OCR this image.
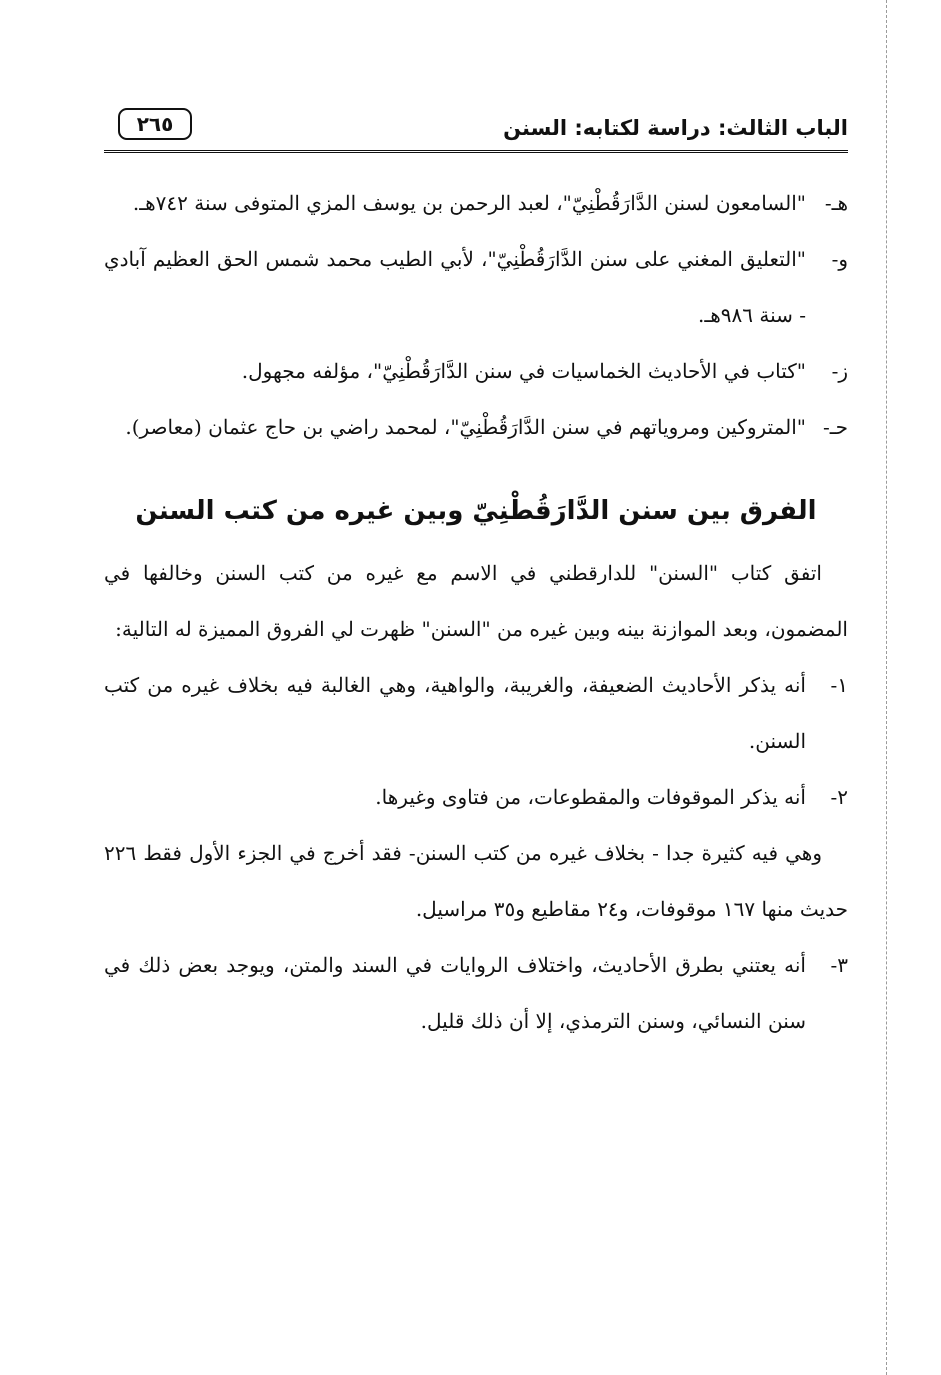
الباب الثالث: دراسة لكتابه: السنن
٢٦٥
هـ-

"السامعون لسنن الدَّارَقُطْنِيّ"، لعبد الرحمن بن يوسف المزي المتوفى سنة ٧٤٢هـ.

و-

"التعليق المغني على سنن الدَّارَقُطْنِيّ"، لأبي الطيب محمد شمس الحق العظيم آبادي - سنة ٩٨٦هـ.

ز-

"كتاب في الأحاديث الخماسيات في سنن الدَّارَقُطْنِيّ"، مؤلفه مجهول.

حـ-

"المتروكين ومروياتهم في سنن الدَّارَقُطْنِيّ"، لمحمد راضي بن حاج عثمان (معاصر).

الفرق بين سنن الدَّارَقُطْنِيّ وبين غيره من كتب السنن

اتفق كتاب "السنن" للدارقطني في الاسم مع غيره من كتب السنن وخالفها في المضمون، وبعد الموازنة بينه وبين غيره من "السنن" ظهرت لي الفروق المميزة له التالية:

١-

أنه يذكر الأحاديث الضعيفة، والغريبة، والواهية، وهي الغالبة فيه بخلاف غيره من كتب السنن.

٢-

أنه يذكر الموقوفات والمقطوعات، من فتاوى وغيرها.

وهي فيه كثيرة جدا - بخلاف غيره من كتب السنن- فقد أخرج في الجزء الأول فقط ٢٢٦ حديث منها ١٦٧ موقوفات، و٢٤ مقاطيع و٣٥ مراسيل.

٣-

أنه يعتني بطرق الأحاديث، واختلاف الروايات في السند والمتن، ويوجد بعض ذلك في سنن النسائي، وسنن الترمذي، إلا أن ذلك قليل.
